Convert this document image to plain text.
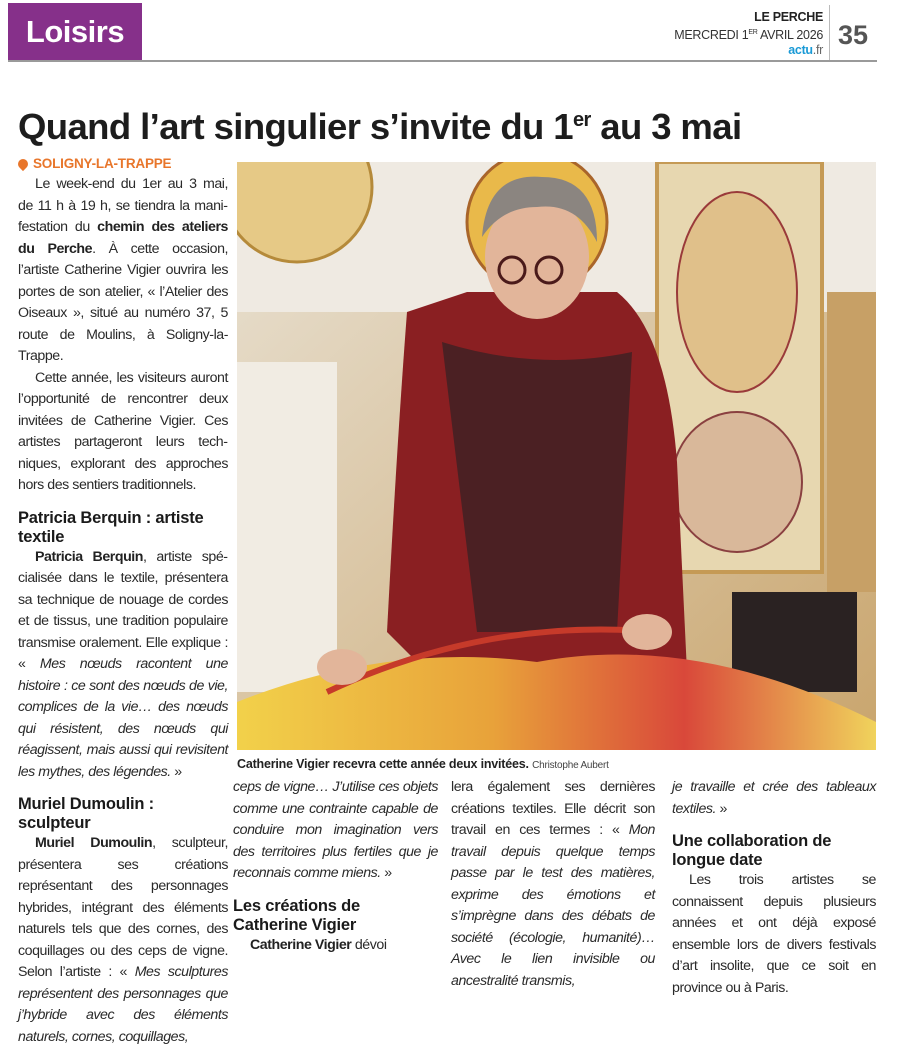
Loisirs	LE PERCHE
MERCREDI 1ER AVRIL 2026
actu.fr
35
Quand l’art singulier s’invite du 1er au 3 mai
SOLIGNY-LA-TRAPPE

Le week-end du 1er au 3 mai, de 11 h à 19 h, se tiendra la manifestation du chemin des ateliers du Perche. À cette occasion, l’artiste Catherine Vigier ouvrira les portes de son atelier, « l’Atelier des Oiseaux », situé au numéro 37, 5 route de Moulins, à Soligny-la-Trappe.

Cette année, les visiteurs auront l’opportunité de rencontrer deux invitées de Catherine Vigier. Ces artistes partageront leurs techniques, explorant des approches hors des sentiers traditionnels.

Patricia Berquin : artiste textile

Patricia Berquin, artiste spécialisée dans le textile, présentera sa technique de nouage de cordes et de tissus, une tradition populaire transmise oralement. Elle explique : « Mes nœuds racontent une histoire : ce sont des nœuds de vie, complices de la vie… des nœuds qui résistent, des nœuds qui réagissent, mais aussi qui revisitent les mythes, des légendes. »

Muriel Dumoulin : sculpteur

Muriel Dumoulin, sculpteur, présentera ses créations représentant des personnages hybrides, intégrant des éléments naturels tels que des cornes, des coquillages ou des ceps de vigne. Selon l’artiste : « Mes sculptures représentent des personnages que j’hybride avec des éléments naturels, cornes, coquillages,

ceps de vigne… J’utilise ces objets comme une contrainte capable de conduire mon imagination vers des territoires plus fertiles que je reconnais comme miens. »

Les créations de Catherine Vigier

Catherine Vigier dévoi

lera également ses dernières créations textiles. Elle décrit son travail en ces termes : « Mon travail depuis quelque temps passe par le test des matières, exprime des émotions et s’imprègne dans des débats de société (écologie, humanité)… Avec le lien invisible ou ancestralité transmis,

je travaille et crée des tableaux textiles. »

Une collaboration de longue date

Les trois artistes se connaissent depuis plusieurs années et ont déjà exposé ensemble lors de divers festivals d’art insolite, que ce soit en province ou à Paris.

Catherine Vigier recevra cette année deux invitées. Christophe Aubert
